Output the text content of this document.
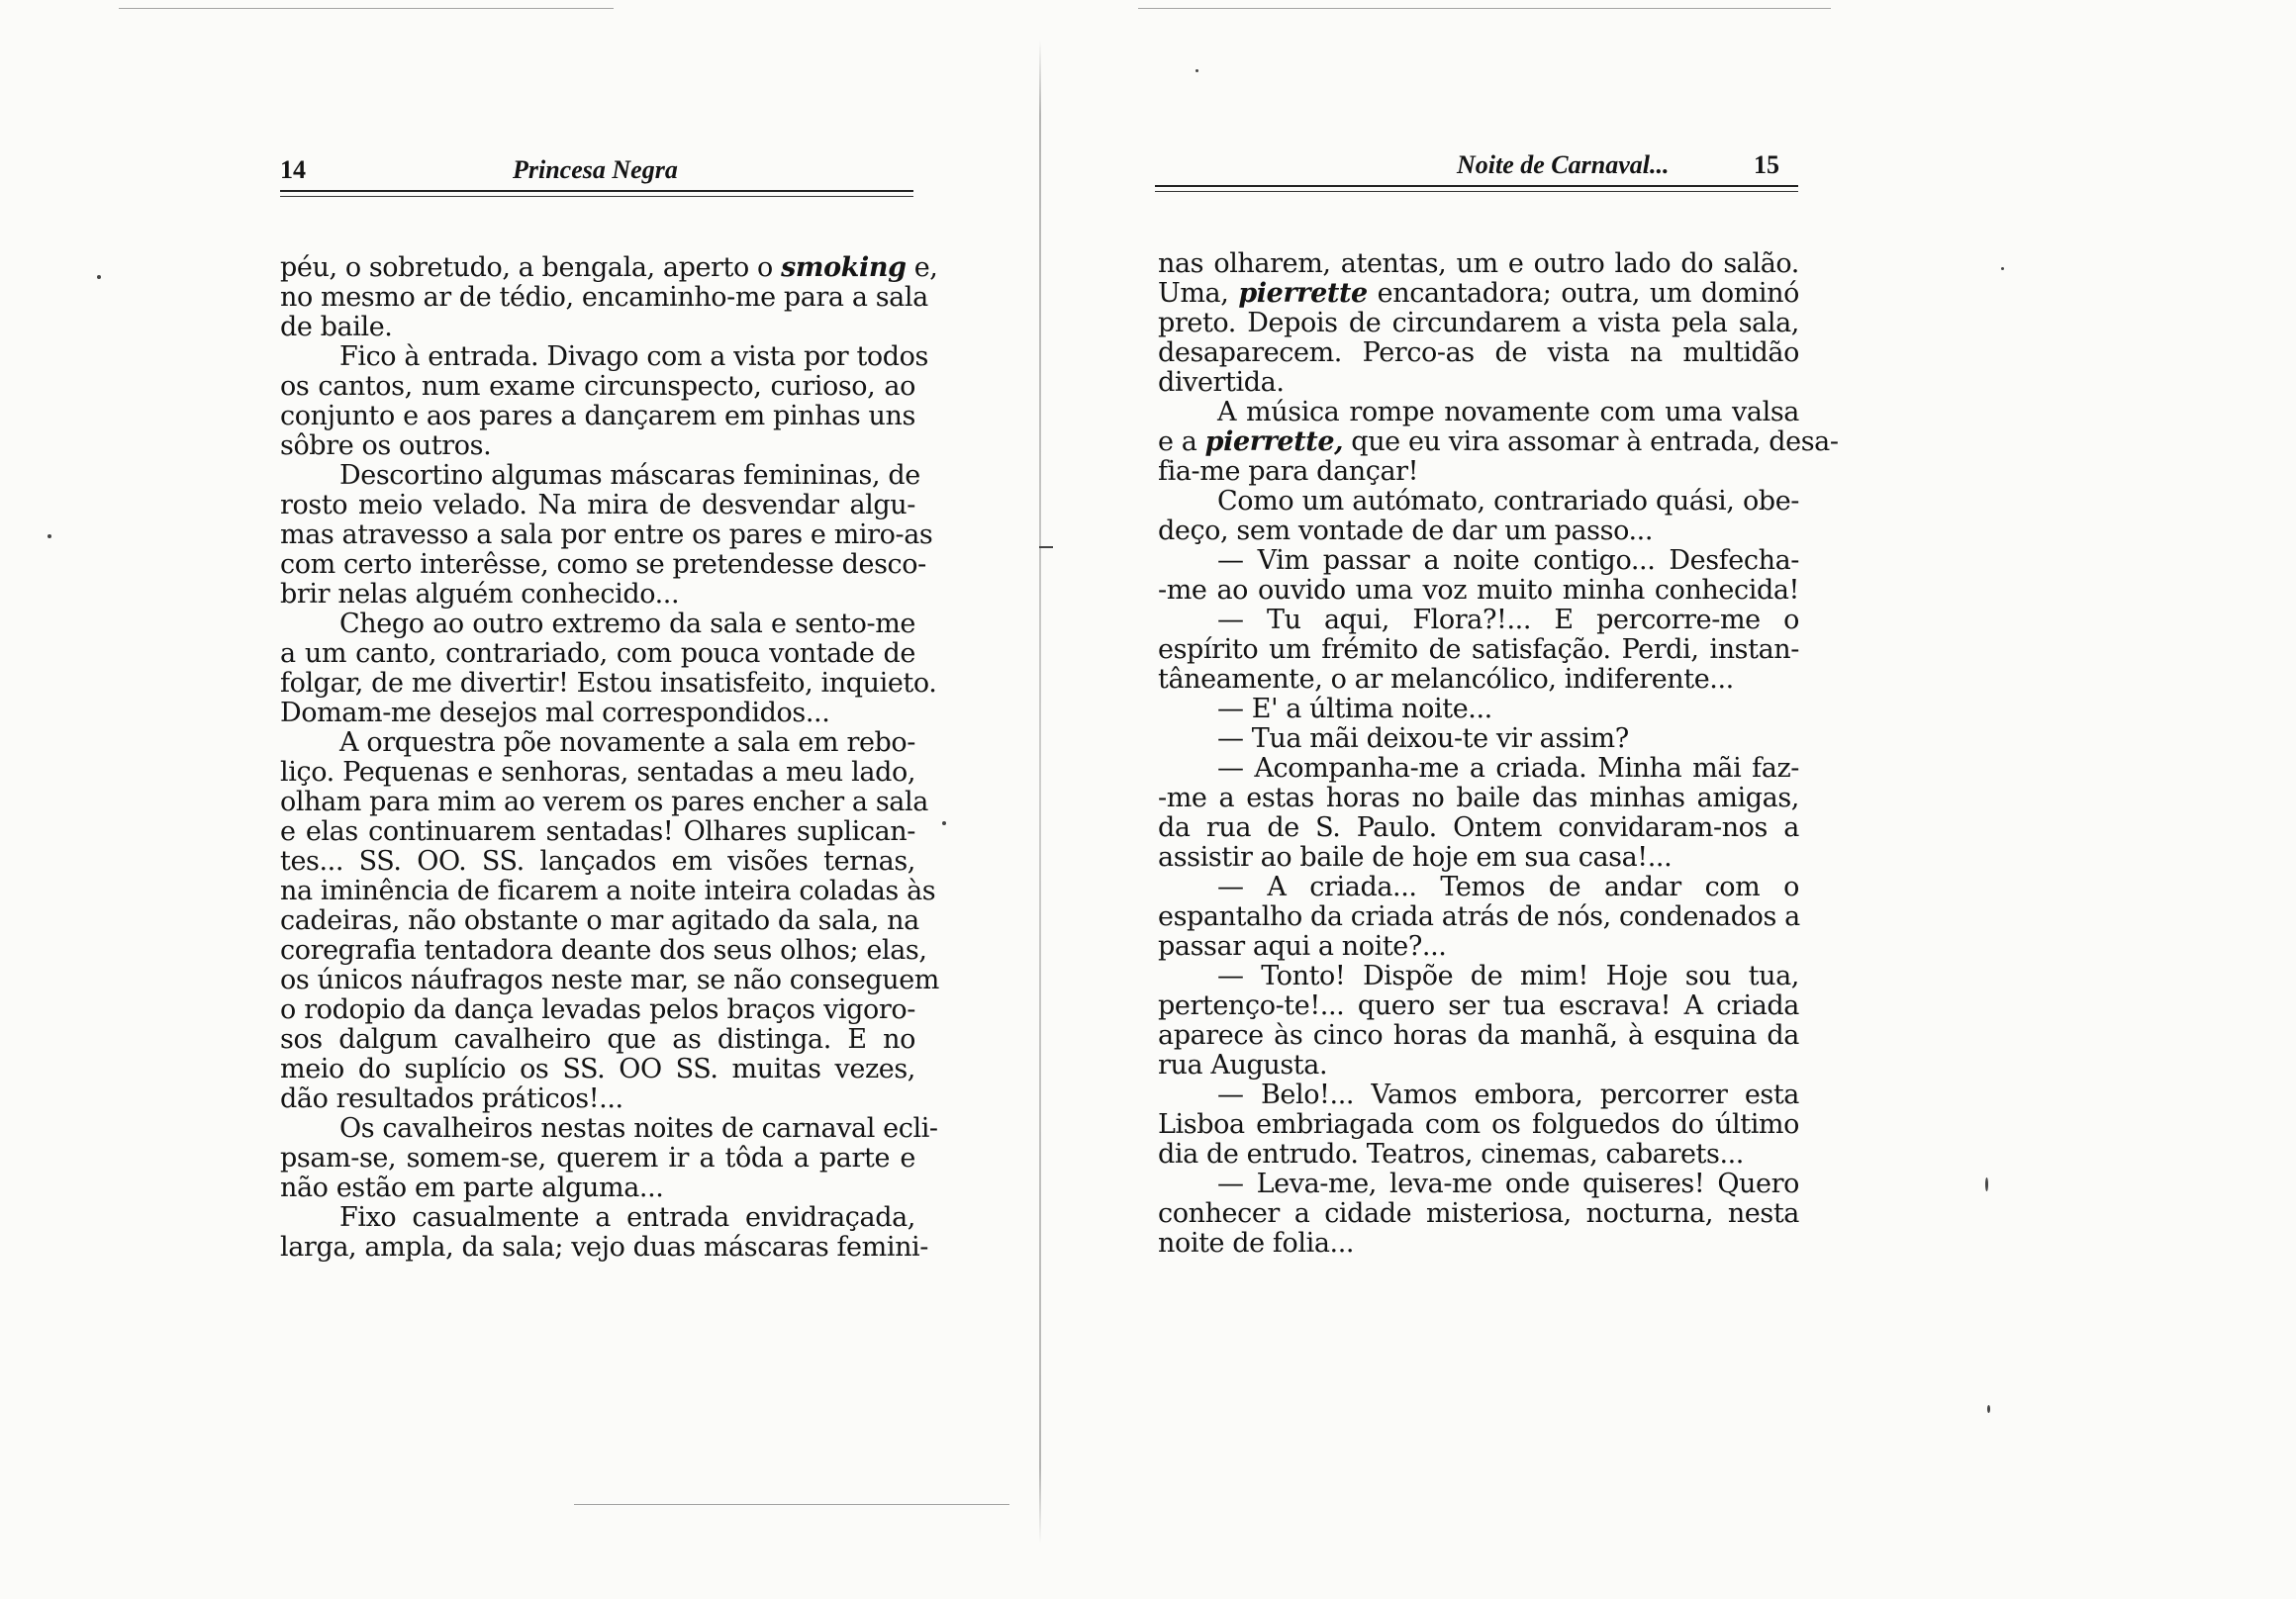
14	Princesa Negra
péu, o sobretudo, a bengala, aperto o smoking e,
no mesmo ar de tédio, encaminho-me para a sala
de baile.
Fico à entrada. Divago com a vista por todos
os cantos, num exame circunspecto, curioso, ao
conjunto e aos pares a dançarem em pinhas uns
sôbre os outros.
Descortino algumas máscaras femininas, de
rosto meio velado. Na mira de desvendar algu-
mas atravesso a sala por entre os pares e miro-as
com certo interêsse, como se pretendesse desco-
brir nelas alguém conhecido...
Chego ao outro extremo da sala e sento-me
a um canto, contrariado, com pouca vontade de
folgar, de me divertir! Estou insatisfeito, inquieto.
Domam-me desejos mal correspondidos...
A orquestra põe novamente a sala em rebo-
liço. Pequenas e senhoras, sentadas a meu lado,
olham para mim ao verem os pares encher a sala
e elas continuarem sentadas! Olhares suplican-
tes... SS. OO. SS. lançados em visões ternas,
na iminência de ficarem a noite inteira coladas às
cadeiras, não obstante o mar agitado da sala, na
coregrafia tentadora deante dos seus olhos; elas,
os únicos náufragos neste mar, se não conseguem
o rodopio da dança levadas pelos braços vigoro-
sos dalgum cavalheiro que as distinga. E no
meio do suplício os SS. OO SS. muitas vezes,
dão resultados práticos!...
Os cavalheiros nestas noites de carnaval ecli-
psam-se, somem-se, querem ir a tôda a parte e
não estão em parte alguma...
Fixo casualmente a entrada envidraçada,
larga, ampla, da sala; vejo duas máscaras femini-
Noite de Carnaval...	15
nas olharem, atentas, um e outro lado do salão.
Uma, pierrette encantadora; outra, um dominó
preto. Depois de circundarem a vista pela sala,
desaparecem. Perco-as de vista na multidão
divertida.
A música rompe novamente com uma valsa
e a pierrette, que eu vira assomar à entrada, desa-
fia-me para dançar!
Como um autómato, contrariado quási, obe-
deço, sem vontade de dar um passo...
— Vim passar a noite contigo... Desfecha-
-me ao ouvido uma voz muito minha conhecida!
— Tu aqui, Flora?!... E percorre-me o
espírito um frémito de satisfação. Perdi, instan-
tâneamente, o ar melancólico, indiferente...
— E' a última noite...
— Tua mãi deixou-te vir assim?
— Acompanha-me a criada. Minha mãi faz-
-me a estas horas no baile das minhas amigas,
da rua de S. Paulo. Ontem convidaram-nos a
assistir ao baile de hoje em sua casa!...
— A criada... Temos de andar com o
espantalho da criada atrás de nós, condenados a
passar aqui a noite?...
— Tonto! Dispõe de mim! Hoje sou tua,
pertenço-te!... quero ser tua escrava! A criada
aparece às cinco horas da manhã, à esquina da
rua Augusta.
— Belo!... Vamos embora, percorrer esta
Lisboa embriagada com os folguedos do último
dia de entrudo. Teatros, cinemas, cabarets...
— Leva-me, leva-me onde quiseres! Quero
conhecer a cidade misteriosa, nocturna, nesta
noite de folia...
